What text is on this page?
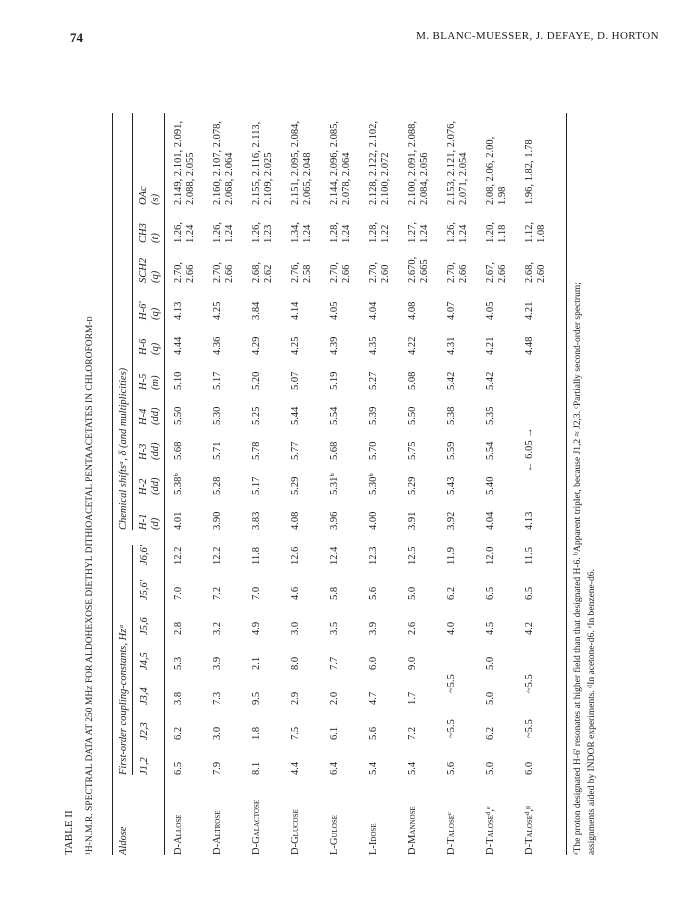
74	M. BLANC-MUESSER, J. DEFAYE, D. HORTON
TABLE II ¹H-N.M.R. SPECTRAL DATA AT 250 MHz FOR ALDOHEXOSE DIETHYL DITHIOACETAL PENTAACETATES IN CHLOROFORM-d Aldose
First-order coupling-constants, Hzᵃ
Chemical shiftsᵃ, δ (and multiplicities)
J1,2
J2,3
J3,4
J4,5
J5,6
J5,6'
J6,6'
H-1 (d)
H-2 (dd)
H-3 (dd)
H-4 (dd)
H-5 (m)
H-6 (q)
H-6' (q)
SCH2 (q)
CH3 (t)
OAc (s)
D-Allose
6.5
6.2
3.8
5.3
2.8
7.0
12.2
4.01
5.38ᵇ
5.68
5.50
5.10
4.44
4.13
2.70, 2.66
1.26, 1.24
2.149, 2.101, 2.091, 2.088, 2.055
D-Altrose
7.9
3.0
7.3
3.9
3.2
7.2
12.2
3.90
5.28
5.71
5.30
5.17
4.36
4.25
2.70, 2.66
1.26, 1.24
2.160, 2.107, 2.078, 2.068, 2.064
D-Galactose
8.1
1.8
9.5
2.1
4.9
7.0
11.8
3.83
5.17
5.78
5.25
5.20
4.29
3.84
2.68, 2.62
1.26, 1.23
2.155, 2.116, 2.113, 2.109, 2.025
D-Glucose
4.4
7.5
2.9
8.0
3.0
4.6
12.6
4.08
5.29
5.77
5.44
5.07
4.25
4.14
2.76, 2.58
1.34, 1.24
2.151, 2.095, 2.084, 2.065, 2.048
L-Gulose
6.4
6.1
2.0
7.7
3.5
5.8
12.4
3.96
5.31ᵇ
5.68
5.54
5.19
4.39
4.05
2.70, 2.66
1.28, 1.24
2.144, 2.096, 2.085, 2.078, 2.064
L-Idose
5.4
5.6
4.7
6.0
3.9
5.6
12.3
4.00
5.30ᵇ
5.70
5.39
5.27
4.35
4.04
2.70, 2.60
1.28, 1.22
2.128, 2.122, 2.102, 2.100, 2.072
D-Mannose
5.4
7.2
1.7
9.0
2.6
5.0
12.5
3.91
5.29
5.75
5.50
5.08
4.22
4.08
2.670, 2.665
1.27, 1.24
2.100, 2.091, 2.088, 2.084, 2.056
D-Taloseᶜ
5.6
~5.5
~5.5
4.0
6.2
11.9
3.92
5.43
5.59
5.38
5.42
4.31
4.07
2.70, 2.66
1.26, 1.24
2.153, 2.121, 2.076, 2.071, 2.054
D-Taloseᵈ,ᵉ
5.0
6.2
5.0
5.0
4.5
6.5
12.0
4.04
5.40
5.54
5.35
5.42
4.21
4.05
2.67, 2.66
1.20, 1.18
2.08, 2.06, 2.00, 1.98
D-Taloseᵈ,ᵍ
6.0
~5.5
~5.5
4.2
6.5
11.5
4.13
← 6.05 →
4.48
4.21
2.68, 2.60
1.12, 1.08
1.96, 1.82, 1.78
ᵃThe proton designated H-6' resonates at higher field than that designated H-6. ᵇApparent triplet, because J1,2 ≈ J2,3. ᶜPartially second-order spectrum; assignments aided by INDOR experiments. ᵈIn acetone-d6. ᵉIn benzene-d6.
